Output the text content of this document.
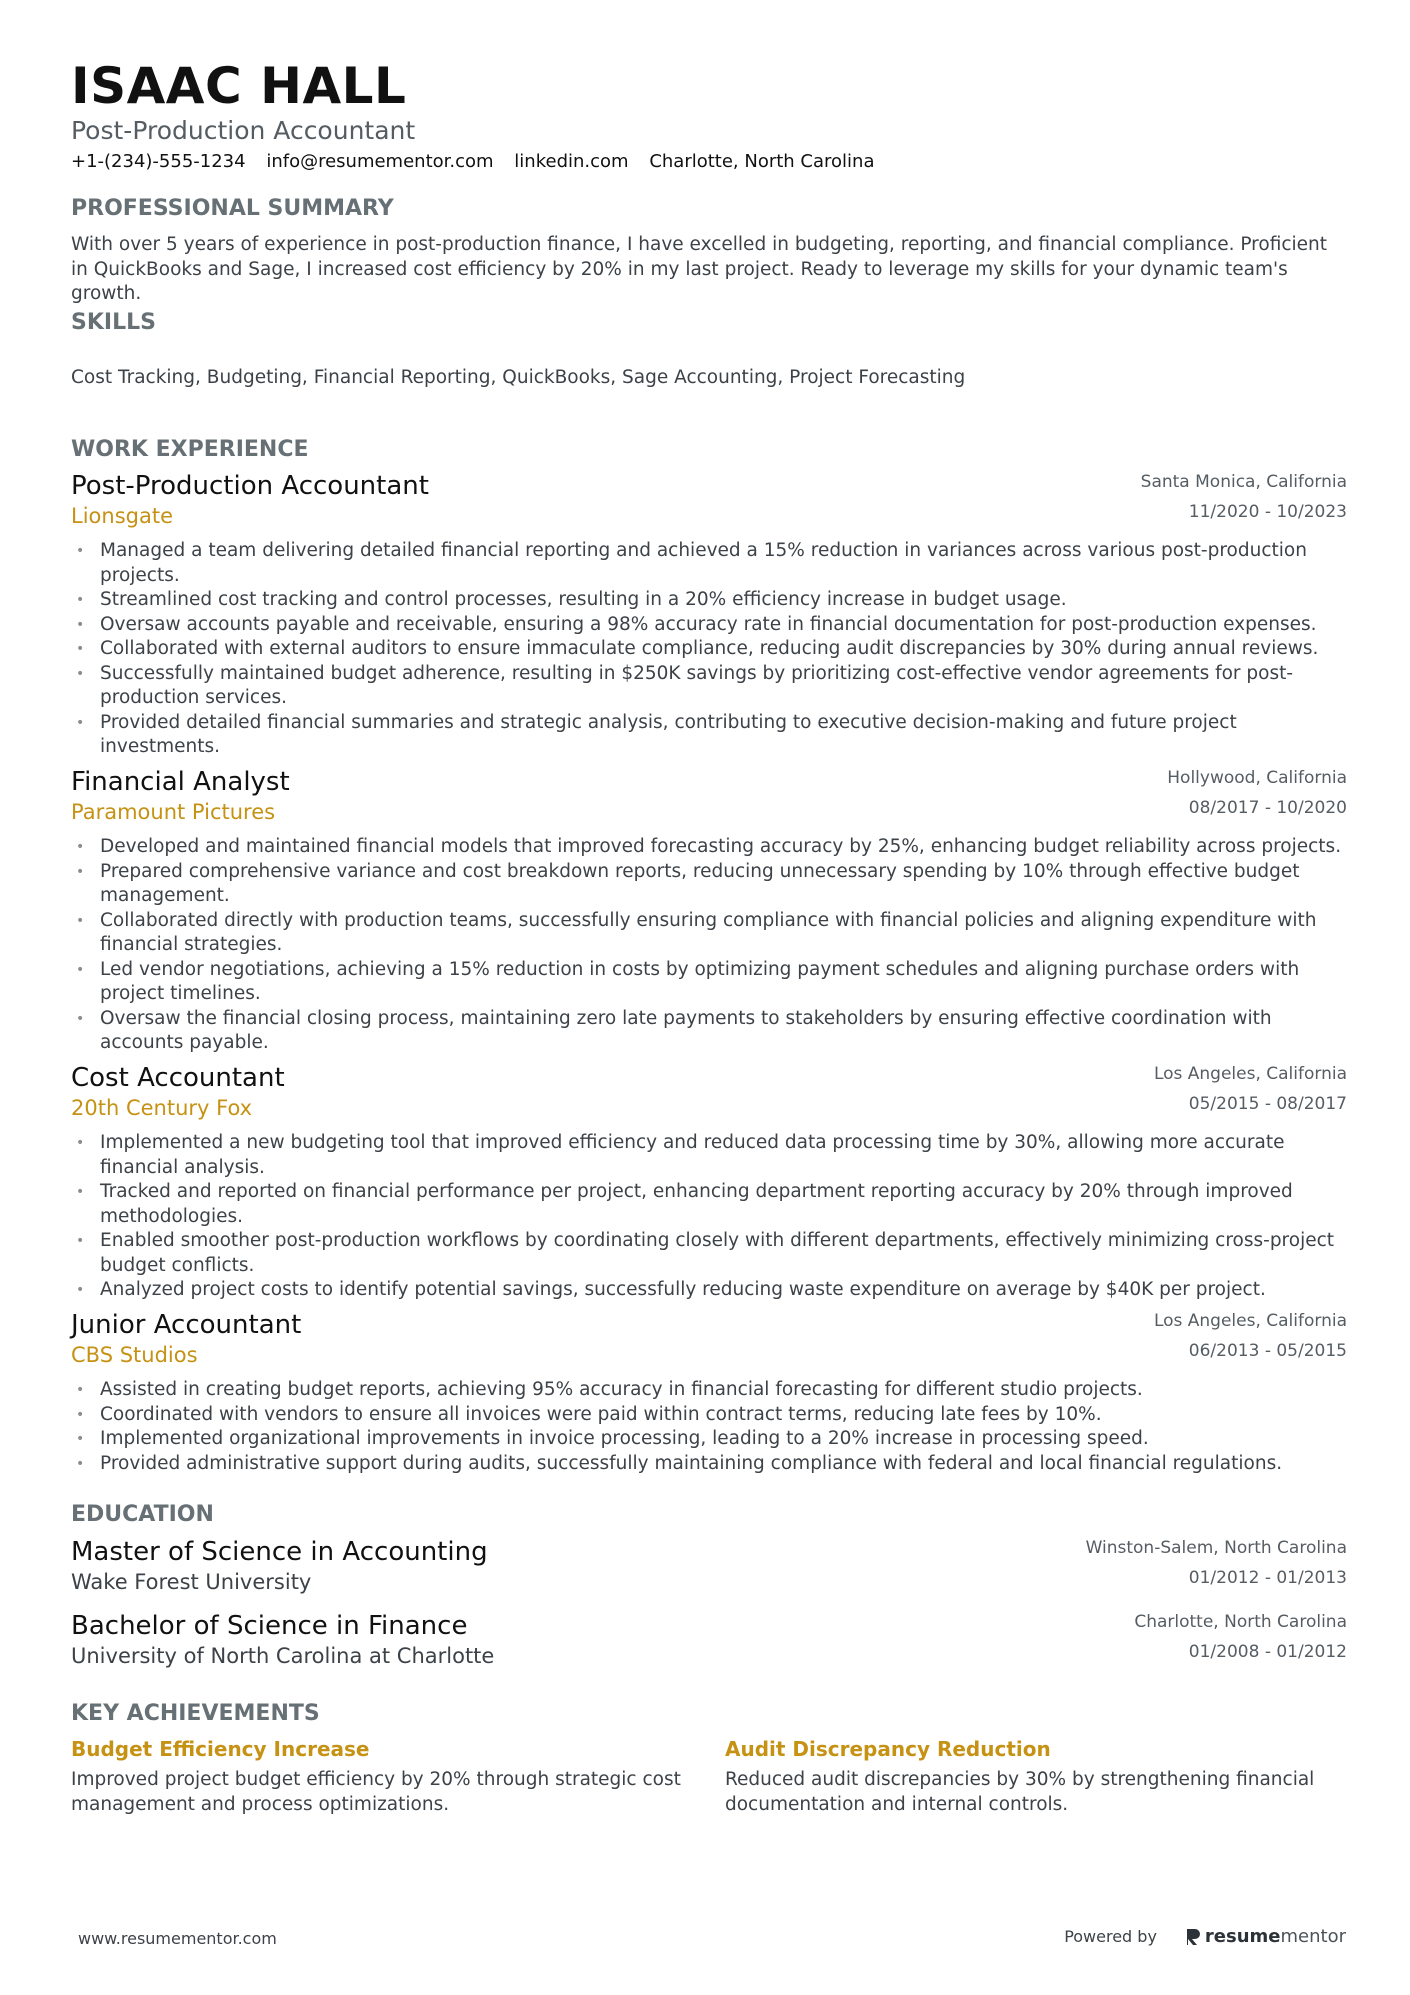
ISAAC HALL
Post-Production Accountant
+1-(234)-555-1234 info@resumementor.com linkedin.com Charlotte, North Carolina
PROFESSIONAL SUMMARY
With over 5 years of experience in post-production finance, I have excelled in budgeting, reporting, and financial compliance. Proficient in QuickBooks and Sage, I increased cost efficiency by 20% in my last project. Ready to leverage my skills for your dynamic team's growth.
SKILLS
Cost Tracking, Budgeting, Financial Reporting, QuickBooks, Sage Accounting, Project Forecasting
WORK EXPERIENCE
Post-Production Accountant
Lionsgate
Santa Monica, California
11/2020 - 10/2023
• Managed a team delivering detailed financial reporting and achieved a 15% reduction in variances across various post-production projects.
• Streamlined cost tracking and control processes, resulting in a 20% efficiency increase in budget usage.
• Oversaw accounts payable and receivable, ensuring a 98% accuracy rate in financial documentation for post-production expenses.
• Collaborated with external auditors to ensure immaculate compliance, reducing audit discrepancies by 30% during annual reviews.
• Successfully maintained budget adherence, resulting in $250K savings by prioritizing cost-effective vendor agreements for post-production services.
• Provided detailed financial summaries and strategic analysis, contributing to executive decision-making and future project investments.
Financial Analyst
Paramount Pictures
Hollywood, California
08/2017 - 10/2020
• Developed and maintained financial models that improved forecasting accuracy by 25%, enhancing budget reliability across projects.
• Prepared comprehensive variance and cost breakdown reports, reducing unnecessary spending by 10% through effective budget management.
• Collaborated directly with production teams, successfully ensuring compliance with financial policies and aligning expenditure with financial strategies.
• Led vendor negotiations, achieving a 15% reduction in costs by optimizing payment schedules and aligning purchase orders with project timelines.
• Oversaw the financial closing process, maintaining zero late payments to stakeholders by ensuring effective coordination with accounts payable.
Cost Accountant
20th Century Fox
Los Angeles, California
05/2015 - 08/2017
• Implemented a new budgeting tool that improved efficiency and reduced data processing time by 30%, allowing more accurate financial analysis.
• Tracked and reported on financial performance per project, enhancing department reporting accuracy by 20% through improved methodologies.
• Enabled smoother post-production workflows by coordinating closely with different departments, effectively minimizing cross-project budget conflicts.
• Analyzed project costs to identify potential savings, successfully reducing waste expenditure on average by $40K per project.
Junior Accountant
CBS Studios
Los Angeles, California
06/2013 - 05/2015
• Assisted in creating budget reports, achieving 95% accuracy in financial forecasting for different studio projects.
• Coordinated with vendors to ensure all invoices were paid within contract terms, reducing late fees by 10%.
• Implemented organizational improvements in invoice processing, leading to a 20% increase in processing speed.
• Provided administrative support during audits, successfully maintaining compliance with federal and local financial regulations.
EDUCATION
Master of Science in Accounting
Wake Forest University
Winston-Salem, North Carolina
01/2012 - 01/2013
Bachelor of Science in Finance
University of North Carolina at Charlotte
Charlotte, North Carolina
01/2008 - 01/2012
KEY ACHIEVEMENTS
Budget Efficiency Increase
Improved project budget efficiency by 20% through strategic cost management and process optimizations.
Audit Discrepancy Reduction
Reduced audit discrepancies by 30% by strengthening financial documentation and internal controls.
www.resumementor.com	Powered by	resume mentor
